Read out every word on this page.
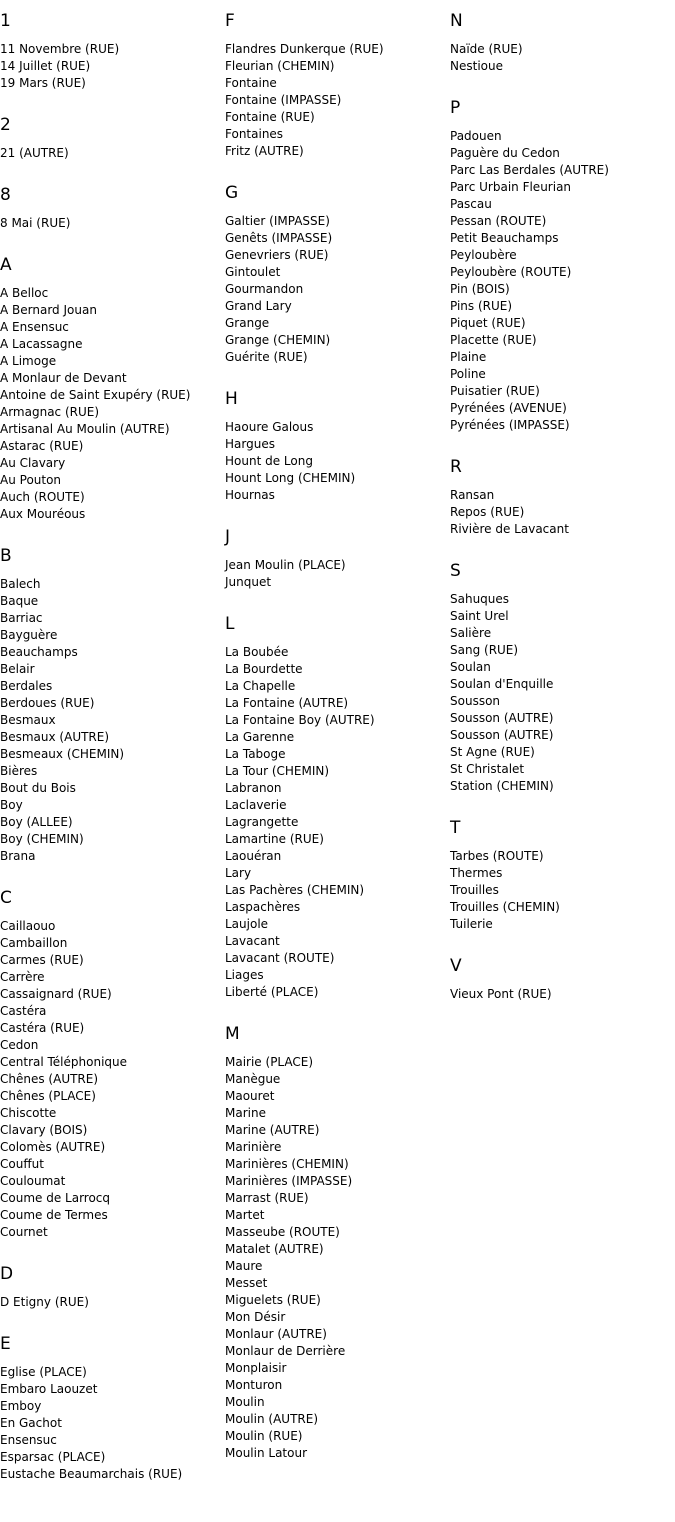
1
11 Novembre (RUE)
14 Juillet (RUE)
19 Mars (RUE)
2
21 (AUTRE)
8
8 Mai (RUE)
A
A Belloc
A Bernard Jouan
A Ensensuc
A Lacassagne
A Limoge
A Monlaur de Devant
Antoine de Saint Exupéry (RUE)
Armagnac (RUE)
Artisanal Au Moulin (AUTRE)
Astarac (RUE)
Au Clavary
Au Pouton
Auch (ROUTE)
Aux Mouréous
B
Balech
Baque
Barriac
Bayguère
Beauchamps
Belair
Berdales
Berdoues (RUE)
Besmaux
Besmaux (AUTRE)
Besmeaux (CHEMIN)
Bières
Bout du Bois
Boy
Boy (ALLEE)
Boy (CHEMIN)
Brana
C
Caillaouo
Cambaillon
Carmes (RUE)
Carrère
Cassaignard (RUE)
Castéra
Castéra (RUE)
Cedon
Central Téléphonique
Chênes (AUTRE)
Chênes (PLACE)
Chiscotte
Clavary (BOIS)
Colomès (AUTRE)
Couffut
Couloumat
Coume de Larrocq
Coume de Termes
Cournet
D
D Etigny (RUE)
E
Eglise (PLACE)
Embaro Laouzet
Emboy
En Gachot
Ensensuc
Esparsac (PLACE)
Eustache Beaumarchais (RUE)
F
Flandres Dunkerque (RUE)
Fleurian (CHEMIN)
Fontaine
Fontaine (IMPASSE)
Fontaine (RUE)
Fontaines
Fritz (AUTRE)
G
Galtier (IMPASSE)
Genêts (IMPASSE)
Genevriers (RUE)
Gintoulet
Gourmandon
Grand Lary
Grange
Grange (CHEMIN)
Guérite (RUE)
H
Haoure Galous
Hargues
Hount de Long
Hount Long (CHEMIN)
Hournas
J
Jean Moulin (PLACE)
Junquet
L
La Boubée
La Bourdette
La Chapelle
La Fontaine (AUTRE)
La Fontaine Boy (AUTRE)
La Garenne
La Taboge
La Tour (CHEMIN)
Labranon
Laclaverie
Lagrangette
Lamartine (RUE)
Laouéran
Lary
Las Pachères (CHEMIN)
Laspachères
Laujole
Lavacant
Lavacant (ROUTE)
Liages
Liberté (PLACE)
M
Mairie (PLACE)
Manègue
Maouret
Marine
Marine (AUTRE)
Marinière
Marinières (CHEMIN)
Marinières (IMPASSE)
Marrast (RUE)
Martet
Masseube (ROUTE)
Matalet (AUTRE)
Maure
Messet
Miguelets (RUE)
Mon Désir
Monlaur (AUTRE)
Monlaur de Derrière
Monplaisir
Monturon
Moulin
Moulin (AUTRE)
Moulin (RUE)
Moulin Latour
N
Naïde (RUE)
Nestioue
P
Padouen
Paguère du Cedon
Parc Las Berdales (AUTRE)
Parc Urbain Fleurian
Pascau
Pessan (ROUTE)
Petit Beauchamps
Peyloubère
Peyloubère (ROUTE)
Pin (BOIS)
Pins (RUE)
Piquet (RUE)
Placette (RUE)
Plaine
Poline
Puisatier (RUE)
Pyrénées (AVENUE)
Pyrénées (IMPASSE)
R
Ransan
Repos (RUE)
Rivière de Lavacant
S
Sahuques
Saint Urel
Salière
Sang (RUE)
Soulan
Soulan d'Enquille
Sousson
Sousson (AUTRE)
Sousson (AUTRE)
St Agne (RUE)
St Christalet
Station (CHEMIN)
T
Tarbes (ROUTE)
Thermes
Trouilles
Trouilles (CHEMIN)
Tuilerie
V
Vieux Pont (RUE)
